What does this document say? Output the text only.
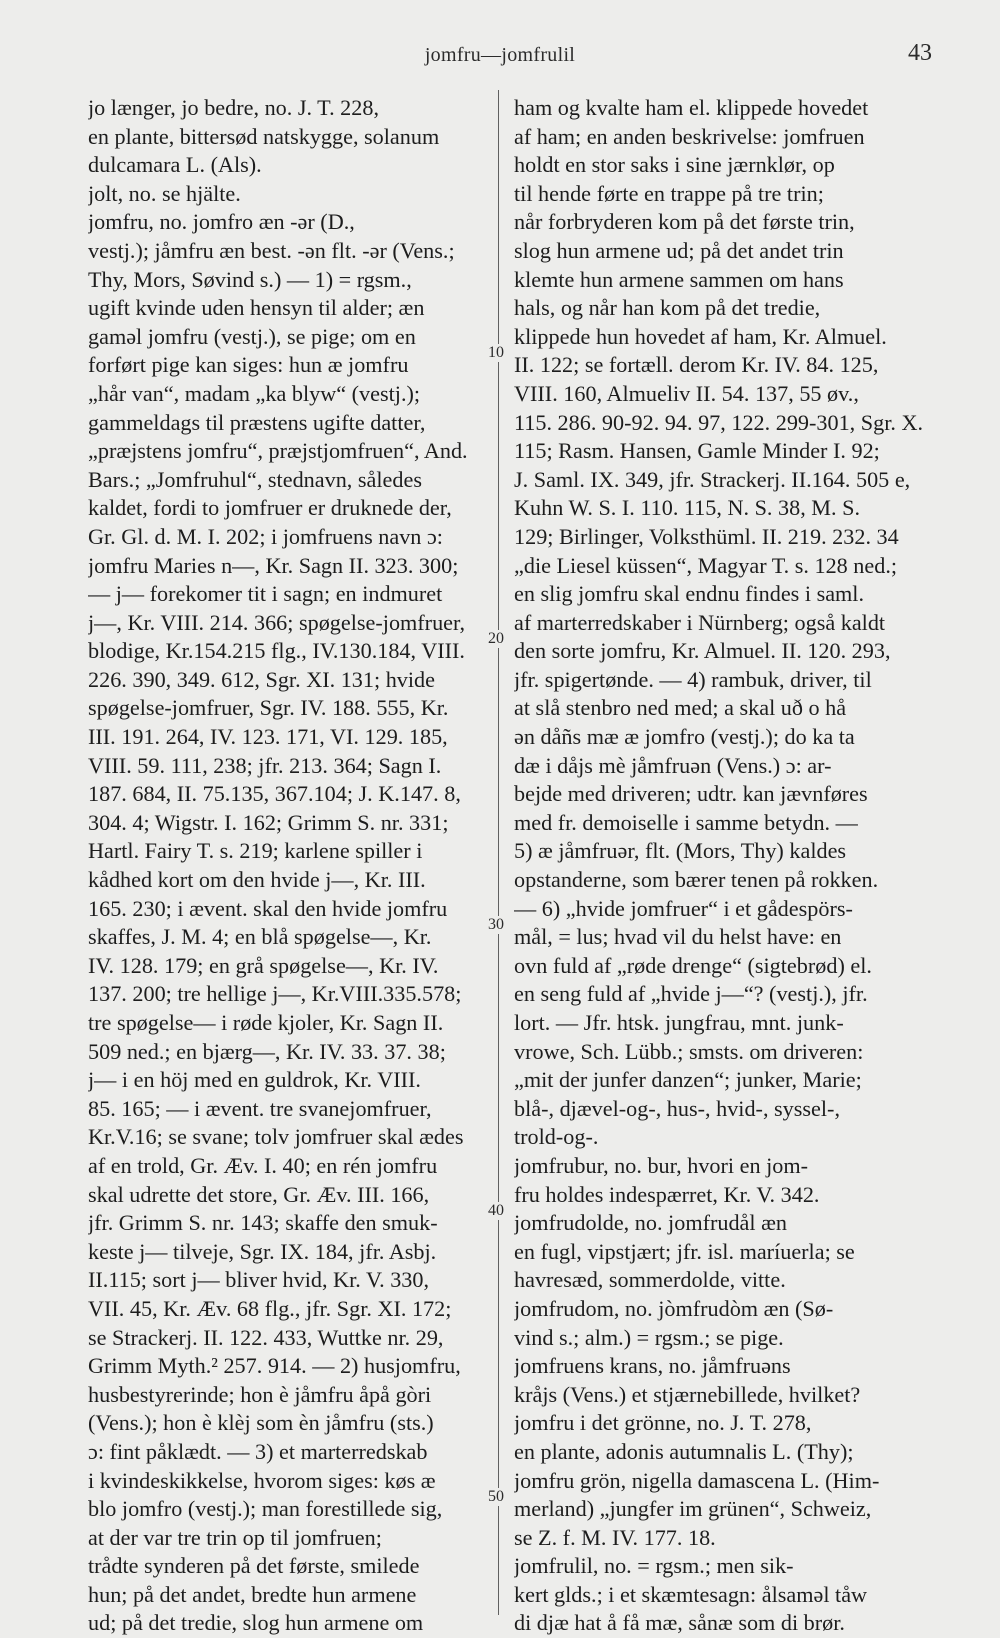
jomfru—jomfrulil	43
jo længer, jo bedre, no. J. T. 228,
en plante, bittersød natskygge, solanum
dulcamara L. (Als).
jolt, no. se hjälte.
jomfru, no. jomfro æn -ər (D.,
vestj.); jåmfru æn best. -ən flt. -ər (Vens.;
Thy, Mors, Søvind s.) — 1) = rgsm.,
ugift kvinde uden hensyn til alder; æn
gaməl jomfru (vestj.), se pige; om en
forført pige kan siges: hun æ jomfru
„hår van“, madam „ka blyw“ (vestj.);
gammeldags til præstens ugifte datter,
„præjstens jomfru“, præjstjomfruen“, And.
Bars.; „Jomfruhul“, stednavn, således
kaldet, fordi to jomfruer er druknede der,
Gr. Gl. d. M. I. 202; i jomfruens navn ɔ:
jomfru Maries n—, Kr. Sagn II. 323. 300;
— j— forekomer tit i sagn; en indmuret
j—, Kr. VIII. 214. 366; spøgelse-jomfruer,
blodige, Kr.154.215 flg., IV.130.184, VIII.
226. 390, 349. 612, Sgr. XI. 131; hvide
spøgelse-jomfruer, Sgr. IV. 188. 555, Kr.
III. 191. 264, IV. 123. 171, VI. 129. 185,
VIII. 59. 111, 238; jfr. 213. 364; Sagn I.
187. 684, II. 75.135, 367.104; J. K.147. 8,
304. 4; Wigstr. I. 162; Grimm S. nr. 331;
Hartl. Fairy T. s. 219; karlene spiller i
kådhed kort om den hvide j—, Kr. III.
165. 230; i ævent. skal den hvide jomfru
skaffes, J. M. 4; en blå spøgelse—, Kr.
IV. 128. 179; en grå spøgelse—, Kr. IV.
137. 200; tre hellige j—, Kr.VIII.335.578;
tre spøgelse— i røde kjoler, Kr. Sagn II.
509 ned.; en bjærg—, Kr. IV. 33. 37. 38;
j— i en höj med en guldrok, Kr. VIII.
85. 165; — i ævent. tre svanejomfruer,
Kr.V.16; se svane; tolv jomfruer skal ædes
af en trold, Gr. Æv. I. 40; en rén jomfru
skal udrette det store, Gr. Æv. III. 166,
jfr. Grimm S. nr. 143; skaffe den smuk-
keste j— tilveje, Sgr. IX. 184, jfr. Asbj.
II.115; sort j— bliver hvid, Kr. V. 330,
VII. 45, Kr. Æv. 68 flg., jfr. Sgr. XI. 172;
se Strackerj. II. 122. 433, Wuttke nr. 29,
Grimm Myth.² 257. 914. — 2) husjomfru,
husbestyrerinde; hon è jåmfru åpå gòri
(Vens.); hon è klèj som èn jåmfru (sts.)
ɔ: fint påklædt. — 3) et marterredskab
i kvindeskikkelse, hvorom siges: køs æ
blo jomfro (vestj.); man forestillede sig,
at der var tre trin op til jomfruen;
trådte synderen på det første, smilede
hun; på det andet, bredte hun armene
ud; på det tredie, slog hun armene om
10
20
30
40
50
ham og kvalte ham el. klippede hovedet
af ham; en anden beskrivelse: jomfruen
holdt en stor saks i sine jærnklør, op
til hende førte en trappe på tre trin;
når forbryderen kom på det første trin,
slog hun armene ud; på det andet trin
klemte hun armene sammen om hans
hals, og når han kom på det tredie,
klippede hun hovedet af ham, Kr. Almuel.
II. 122; se fortæll. derom Kr. IV. 84. 125,
VIII. 160, Almueliv II. 54. 137, 55 øv.,
115. 286. 90-92. 94. 97, 122. 299-301, Sgr. X.
115; Rasm. Hansen, Gamle Minder I. 92;
J. Saml. IX. 349, jfr. Strackerj. II.164. 505 e,
Kuhn W. S. I. 110. 115, N. S. 38, M. S.
129; Birlinger, Volksthüml. II. 219. 232. 34
„die Liesel küssen“, Magyar T. s. 128 ned.;
en slig jomfru skal endnu findes i saml.
af marterredskaber i Nürnberg; også kaldt
den sorte jomfru, Kr. Almuel. II. 120. 293,
jfr. spigertønde. — 4) rambuk, driver, til
at slå stenbro ned med; a skal uð o hå
ən dåñs mæ æ jomfro (vestj.); do ka ta
dæ i dåjs mè jåmfruən (Vens.) ɔ: ar-
bejde med driveren; udtr. kan jævnføres
med fr. demoiselle i samme betydn. —
5) æ jåmfruər, flt. (Mors, Thy) kaldes
opstanderne, som bærer tenen på rokken.
— 6) „hvide jomfruer“ i et gådespörs-
mål, = lus; hvad vil du helst have: en
ovn fuld af „røde drenge“ (sigtebrød) el.
en seng fuld af „hvide j—“? (vestj.), jfr.
lort. — Jfr. htsk. jungfrau, mnt. junk-
vrowe, Sch. Lübb.; smsts. om driveren:
„mit der junfer danzen“; junker, Marie;
blå-, djævel-og-, hus-, hvid-, syssel-,
trold-og-.
jomfrubur, no. bur, hvori en jom-
fru holdes indespærret, Kr. V. 342.
jomfrudolde, no. jomfrudål æn
en fugl, vipstjært; jfr. isl. maríuerla; se
havresæd, sommerdolde, vitte.
jomfrudom, no. jòmfrudòm æn (Sø-
vind s.; alm.) = rgsm.; se pige.
jomfruens krans, no. jåmfruəns
kråjs (Vens.) et stjærnebillede, hvilket?
jomfru i det grönne, no. J. T. 278,
en plante, adonis autumnalis L. (Thy);
jomfru grön, nigella damascena L. (Him-
merland) „jungfer im grünen“, Schweiz,
se Z. f. M. IV. 177. 18.
jomfrulil, no. = rgsm.; men sik-
kert glds.; i et skæmtesagn: ålsaməl tåw
di djæ hat å få mæ, sånæ som di brør.
